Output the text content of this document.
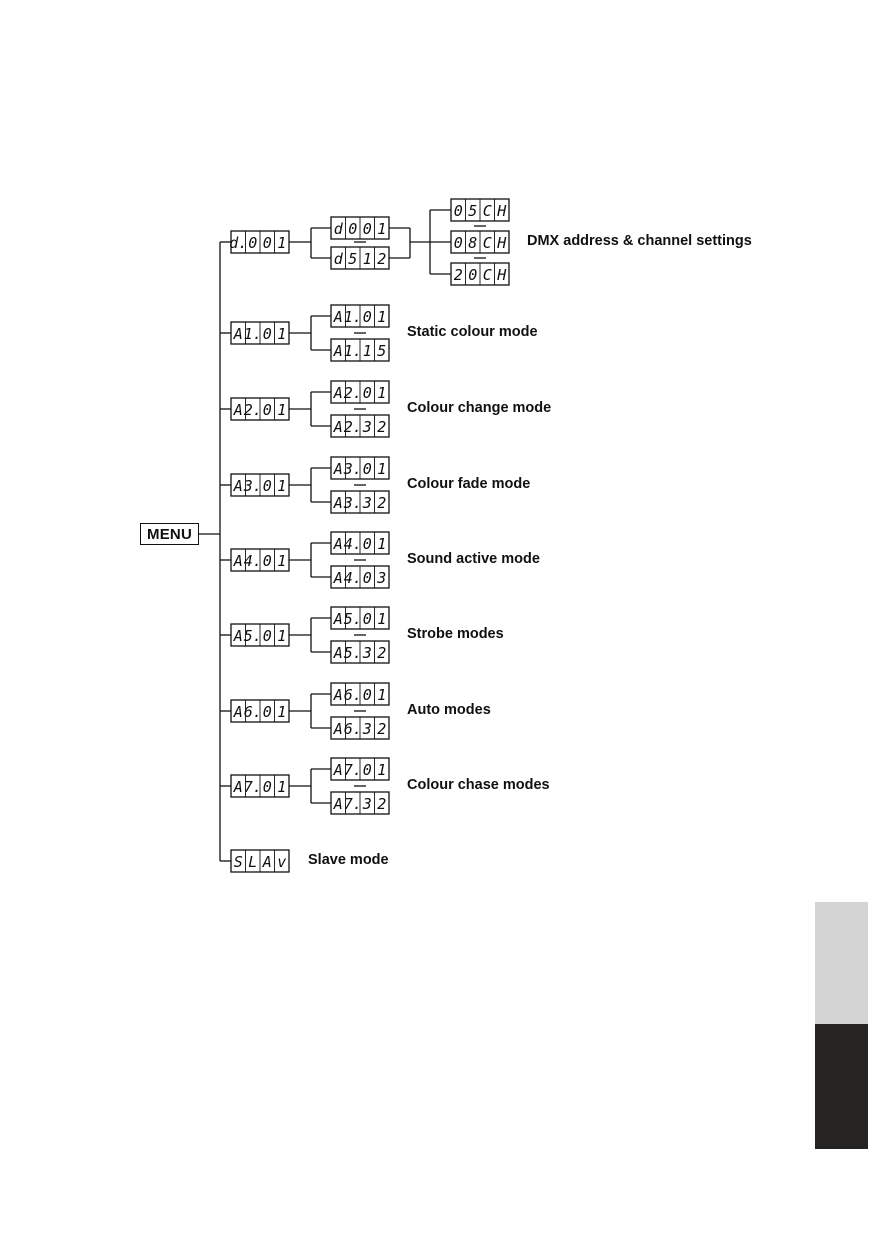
d. 0 0 1
d 0 0 1
d 5 1 2
0 5 C H
0 8 C H
2 0 C H
A 1. 0 1
A 1. 0 1
A 1. 1 5
A 2. 0 1
A 2. 0 1
A 2. 3 2
A 3. 0 1
A 3. 0 1
A 3. 3 2
A 4. 0 1
A 4. 0 1
A 4. 0 3
A 5. 0 1
A 5. 0 1
A 5. 3 2
A 6. 0 1
A 6. 0 1
A 6. 3 2
A 7. 0 1
A 7. 0 1
A 7. 3 2
S L A v
MENU
DMX address & channel settings
Static colour mode
Colour change mode
Colour fade mode
Sound active mode
Strobe modes
Auto modes
Colour chase modes
Slave mode
